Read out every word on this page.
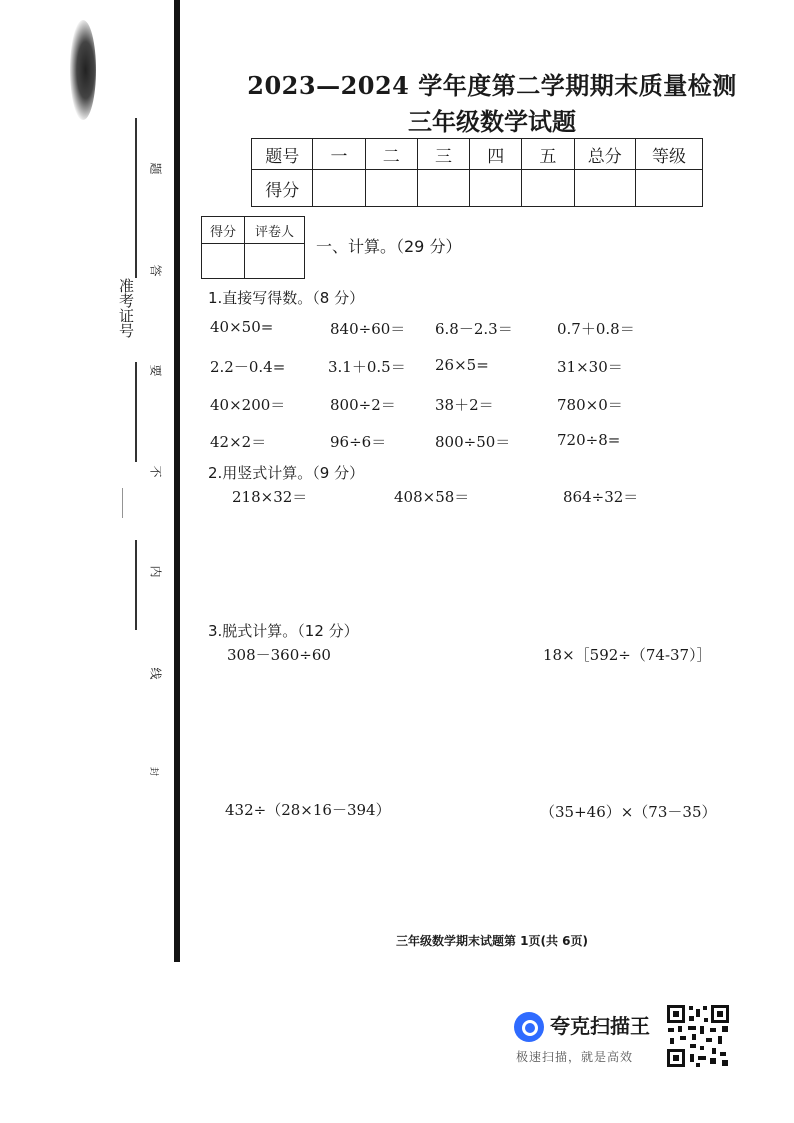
准考证号
_____
题
答
要
不
内
线
封
2023—2024 学年度第二学期期末质量检测
三年级数学试题
题号	一	二	三	四	五	总分	等级
得分							
得分	评卷人

一、计算。（29 分）
1.直接写得数。（8 分）
40×50=	840÷60＝ 6.8－2.3＝	0.7＋0.8＝
2.2－0.4=	3.1＋0.5＝ 26×5=	31×30＝
40×200＝	800÷2＝	38＋2＝	780×0＝
42×2＝	96÷6＝	800÷50＝	720÷8=
2.用竖式计算。（9 分）
218×32＝	408×58＝	864÷32＝
3.脱式计算。（12 分）
308－360÷60	18×［592÷（74-37）］
432÷（28×16－394）	（35+46）×（73－35）
三年级数学期末试题第 1页(共 6页)
夸克扫描王
极速扫描，就是高效
